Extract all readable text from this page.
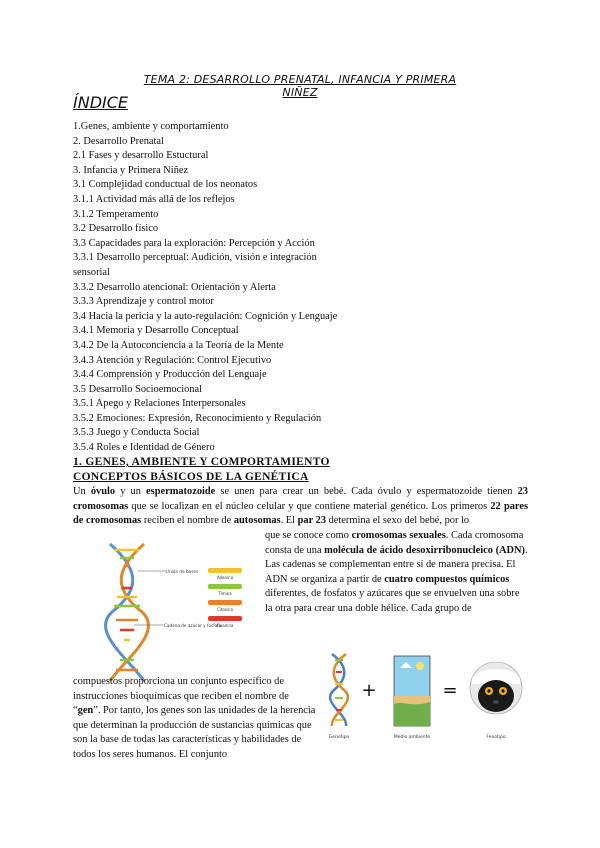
TEMA 2: DESARROLLO PRENATAL, INFANCIA Y PRIMERA NIÑEZ
ÍNDICE
1.Genes, ambiente y comportamiento
2. Desarrollo Prenatal
2.1 Fases y desarrollo Estuctural
3. Infancia y Primera Niñez
3.1 Complejidad conductual de los neonatos
3.1.1 Actividad más allá de los reflejos
3.1.2 Temperamento
3.2 Desarrollo físico
3.3 Capacidades para la exploración: Percepción y Acción
3.3.1 Desarrollo perceptual: Audición, visión e integración sensorial
3.3.2 Desarrollo atencional: Orientación y Alerta
3.3.3 Aprendizaje y control motor
3.4 Hacia la pericia y la auto-regulación: Cognición y Lenguaje
3.4.1 Memoria y Desarrollo Conceptual
3.4.2 De la Autoconciencia a la Teoría de la Mente
3.4.3 Atención y Regulación: Control Ejecutivo
3.4.4 Comprensión y Producción del Lenguaje
3.5 Desarrollo Socioemocional
3.5.1 Apego y Relaciones Interpersonales
3.5.2 Emociones: Expresión, Reconocimiento y Regulación
3.5.3 Juego y Conducta Social
3.5.4 Roles e Identidad de Género
1. GENES, AMBIENTE Y COMPORTAMIENTO
CONCEPTOS BÁSICOS DE LA GENÉTICA

Un óvulo y un espermatozoide se unen para crear un bebé. Cada óvulo y espermatozoide tienen 23 cromosomas que se localizan en el núcleo celular y que contiene material genético. Los primeros 22 pares de cromosomas reciben el nombre de autosomas. El par 23 determina el sexo del bebé, por lo

Unión de bases
Cadena de azúcar y fosfato
Adenina
Timina
Citosina
Guanina

que se conoce como cromosomas sexuales. Cada cromosoma consta de una molécula de ácido desoxirribonucleico (ADN). Las cadenas se complementan entre sí de manera precisa. El ADN se organiza a partir de cuatro compuestos químicos diferentes, de fosfatos y azúcares que se envuelven una sobre la otra para crear una doble hélice. Cada grupo de

compuestos proporciona un conjunto específico de instrucciones bioquímicas que reciben el nombre de “gen”. Por tanto, los genes son las unidades de la herencia que determinan la producción de sustancias químicas que son la base de todas las características y habilidades de todos los seres humanos. El conjunto

Genotipo
+
Medio ambiente
=
Fenotipo
